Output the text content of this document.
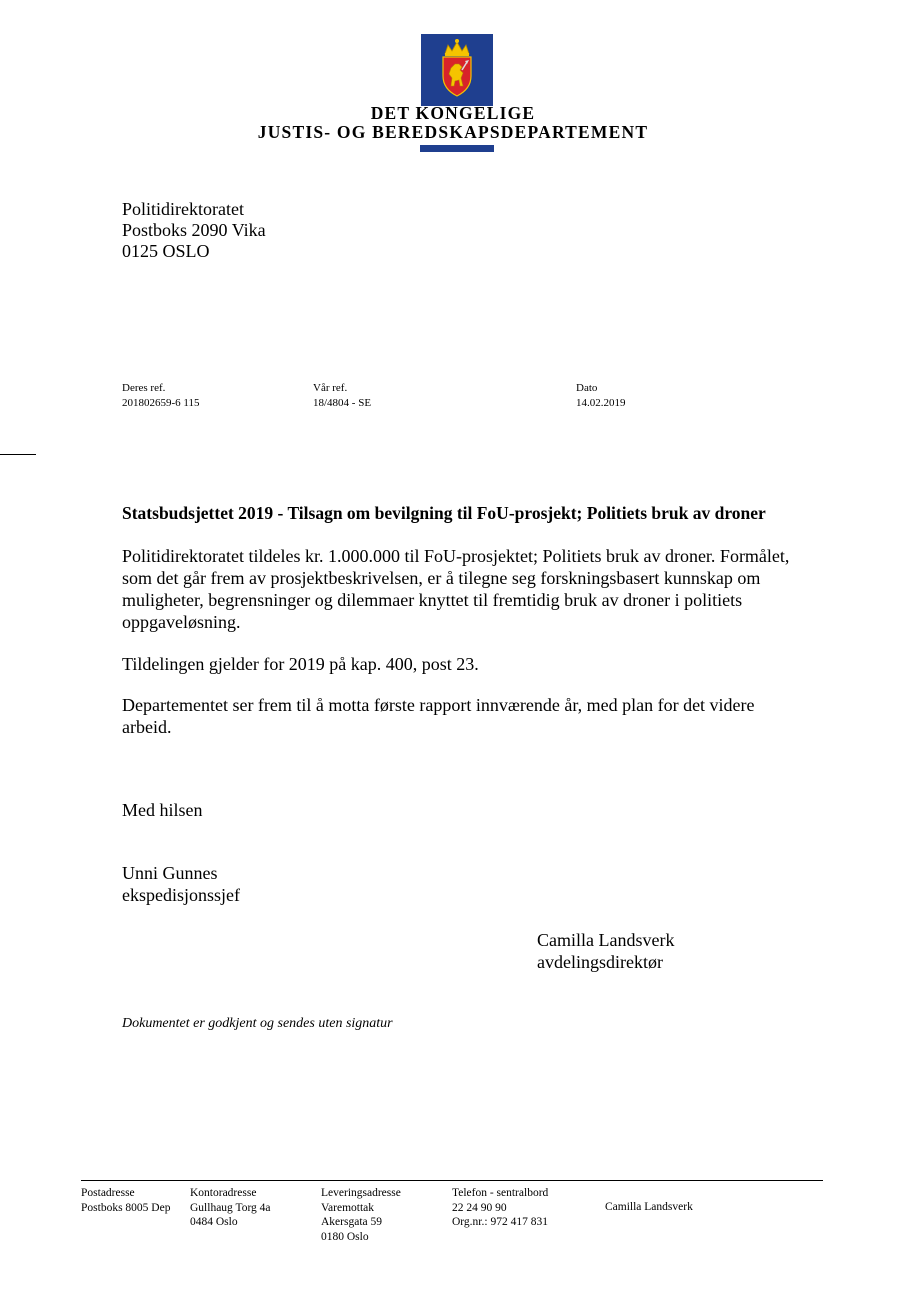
DET KONGELIGE
JUSTIS- OG BEREDSKAPSDEPARTEMENT
Politidirektoratet
Postboks 2090 Vika
0125 OSLO
Deres ref.
201802659-6 115
Vår ref.
18/4804 - SE
Dato
14.02.2019
Statsbudsjettet 2019 - Tilsagn om bevilgning til FoU-prosjekt; Politiets bruk av droner
Politidirektoratet tildeles kr. 1.000.000 til FoU-prosjektet; Politiets bruk av droner. Formålet,
som det går frem av prosjektbeskrivelsen, er å tilegne seg forskningsbasert kunnskap om
muligheter, begrensninger og dilemmaer knyttet til fremtidig bruk av droner i politiets
oppgaveløsning.
Tildelingen gjelder for 2019 på kap. 400, post 23.
Departementet ser frem til å motta første rapport innværende år, med plan for det videre
arbeid.
Med hilsen
Unni Gunnes
ekspedisjonssjef
Camilla Landsverk
avdelingsdirektør
Dokumentet er godkjent og sendes uten signatur
Postadresse
Postboks 8005 Dep
Kontoradresse
Gullhaug Torg 4a
0484 Oslo
Leveringsadresse
Varemottak
Akersgata 59
0180 Oslo
Telefon - sentralbord
22 24 90 90
Org.nr.: 972 417 831
Camilla Landsverk
